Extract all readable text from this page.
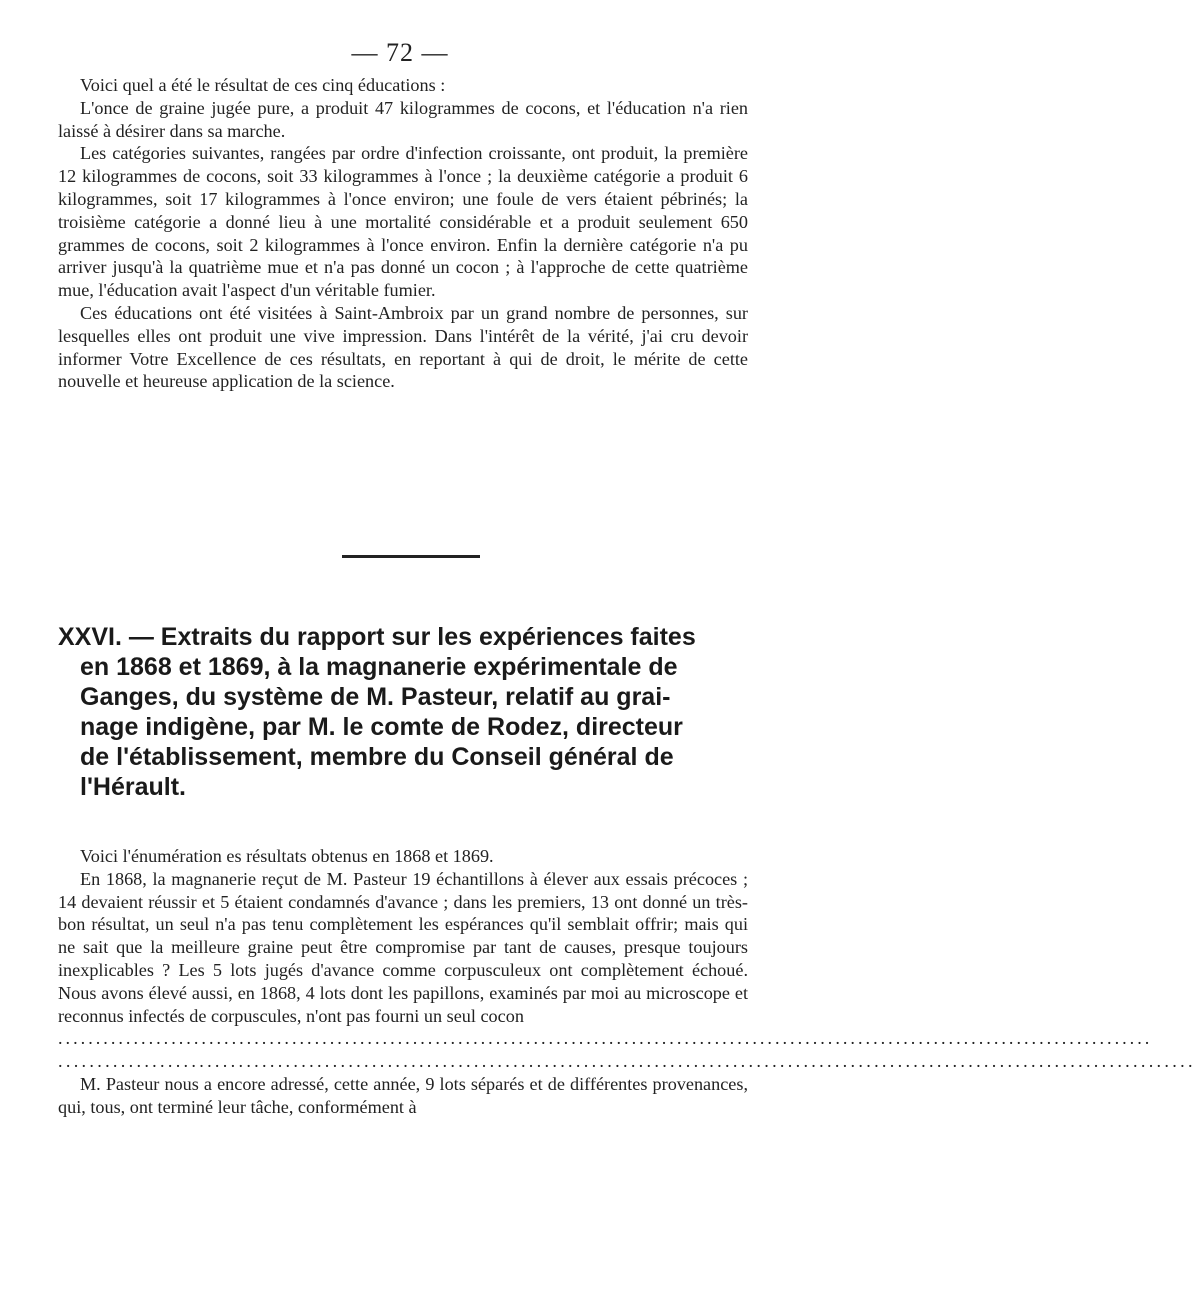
— 72 —

Voici quel a été le résultat de ces cinq éducations :

L'once de graine jugée pure, a produit 47 kilogrammes de cocons, et l'éducation n'a rien laissé à désirer dans sa marche.

Les catégories suivantes, rangées par ordre d'infection croissante, ont produit, la première 12 kilogrammes de cocons, soit 33 kilogrammes à l'once ; la deuxième catégorie a produit 6 kilogrammes, soit 17 kilogrammes à l'once environ; une foule de vers étaient pébrinés; la troisième catégorie a donné lieu à une mortalité considérable et a produit seulement 650 grammes de cocons, soit 2 kilogrammes à l'once environ. Enfin la dernière catégorie n'a pu arriver jusqu'à la quatrième mue et n'a pas donné un cocon ; à l'approche de cette quatrième mue, l'éducation avait l'aspect d'un véritable fumier.

Ces éducations ont été visitées à Saint-Ambroix par un grand nombre de personnes, sur lesquelles elles ont produit une vive impression. Dans l'intérêt de la vérité, j'ai cru devoir informer Votre Excellence de ces résultats, en reportant à qui de droit, le mérite de cette nouvelle et heureuse application de la science.

XXVI. — Extraits du rapport sur les expériences faites
en 1868 et 1869, à la magnanerie expérimentale de
Ganges, du système de M. Pasteur, relatif au grai-
nage indigène, par M. le comte de Rodez, directeur
de l'établissement, membre du Conseil général de
l'Hérault.

Voici l'énumération es résultats obtenus en 1868 et 1869.

En 1868, la magnanerie reçut de M. Pasteur 19 échantillons à élever aux essais précoces ; 14 devaient réussir et 5 étaient condamnés d'avance ; dans les premiers, 13 ont donné un très-bon résultat, un seul n'a pas tenu complètement les espérances qu'il semblait offrir; mais qui ne sait que la meilleure graine peut être compromise par tant de causes, presque toujours inexplicables ? Les 5 lots jugés d'avance comme corpusculeux ont complètement échoué. Nous avons élevé aussi, en 1868, 4 lots dont les papillons, examinés par moi au microscope et reconnus infectés de corpuscules, n'ont pas fourni un seul cocon

.................................................................................................................................................
.................................................................................................................................................

M. Pasteur nous a encore adressé, cette année, 9 lots séparés et de différentes provenances, qui, tous, ont terminé leur tâche, conformément à
